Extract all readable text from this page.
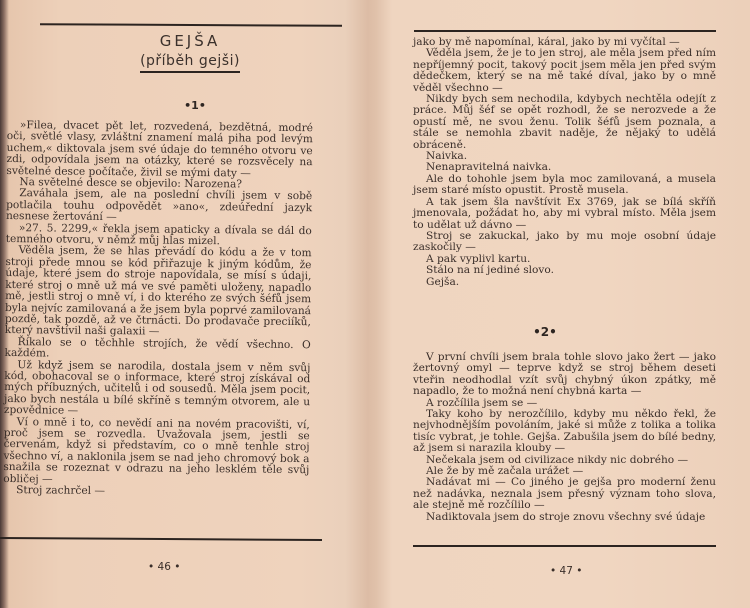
GEJŠA
(příběh gejši)
•1•

»Filea, dvacet pět let, rozvedená, bezdětná, modré oči, světlé vlasy, zvláštní znamení malá piha pod levým uchem,« diktovala jsem své údaje do temného otvoru ve zdi, odpovídala jsem na otázky, které se rozsvěcely na světelné desce počítače, živil se mými daty —

Na světelné desce se objevilo: Narozena?

Zaváhala jsem, ale na poslední chvíli jsem v sobě potlačila touhu odpovědět »ano«, zdeúřední jazyk nesnese žertování —

»27. 5. 2299,« řekla jsem apaticky a dívala se dál do temného otvoru, v němž můj hlas mizel.

Věděla jsem, že se hlas převádí do kódu a že v tom stroji přede mnou se kód přiřazuje k jiným kódům, že údaje, které jsem do stroje napovídala, se mísí s údaji, které stroj o mně už má ve své paměti uloženy, napadlo mě, jestli stroj o mně ví, i do kterého ze svých šéfů jsem byla nejvíc zamilovaná a že jsem byla poprvé zamilovaná pozdě, tak pozdě, až ve čtrnácti. Do prodavače preciíků, který navštívil naši galaxii —

Říkalo se o těchhle strojích, že vědí všechno. O každém.

Už když jsem se narodila, dostala jsem v něm svůj kód, obohacoval se o informace, které stroj získával od mých příbuzných, učitelů i od sousedů. Měla jsem pocit, jako bych nestála u bílé skříně s temným otvorem, ale u zpovědnice —

Ví o mně i to, co nevědí ani na novém pracovišti, ví, proč jsem se rozvedla. Uvažovala jsem, jestli se červenám, když si představím, co o mně tenhle stroj všechno ví, a naklonila jsem se nad jeho chromový bok a snažila se rozeznat v odrazu na jeho lesklém těle svůj obličej —

Stroj zachrčel —

• 46 •

jako by mě napomínal, káral, jako by mi vyčítal —

Věděla jsem, že je to jen stroj, ale měla jsem před ním nepříjemný pocit, takový pocit jsem měla jen před svým dědečkem, který se na mě také díval, jako by o mně věděl všechno —

Nikdy bych sem nechodila, kdybych nechtěla odejít z práce. Můj šéf se opět rozhodl, že se nerozvede a že opustí mě, ne svou ženu. Tolik šéfů jsem poznala, a stále se nemohla zbavit naděje, že nějaký to udělá obráceně.

Naivka.

Nenapravitelná naivka.

Ale do tohohle jsem byla moc zamilovaná, a musela jsem staré místo opustit. Prostě musela.

A tak jsem šla navštívit Ex 3769, jak se bílá skříň jmenovala, požádat ho, aby mi vybral místo. Měla jsem to udělat už dávno —

Stroj se zakuckal, jako by mu moje osobní údaje zaskočily —

A pak vyplivl kartu.

Stálo na ní jediné slovo.

Gejša.

•2•

V první chvíli jsem brala tohle slovo jako žert — jako žertovný omyl — teprve když se stroj během deseti vteřin neodhodlal vzít svůj chybný úkon zpátky, mě napadlo, že to možná není chybná karta —

A rozčílila jsem se —

Taky koho by nerozčílilo, kdyby mu někdo řekl, že nejvhodnějším povoláním, jaké si může z tolika a tolika tisíc vybrat, je tohle. Gejša. Zabušila jsem do bílé bedny, až jsem si narazila klouby —

Nečekala jsem od civilizace nikdy nic dobrého —

Ale že by mě začala urážet —

Nadávat mi — Co jiného je gejša pro moderní ženu než nadávka, neznala jsem přesný význam toho slova, ale stejně mě rozčílilo —

Nadiktovala jsem do stroje znovu všechny své údaje

• 47 •
